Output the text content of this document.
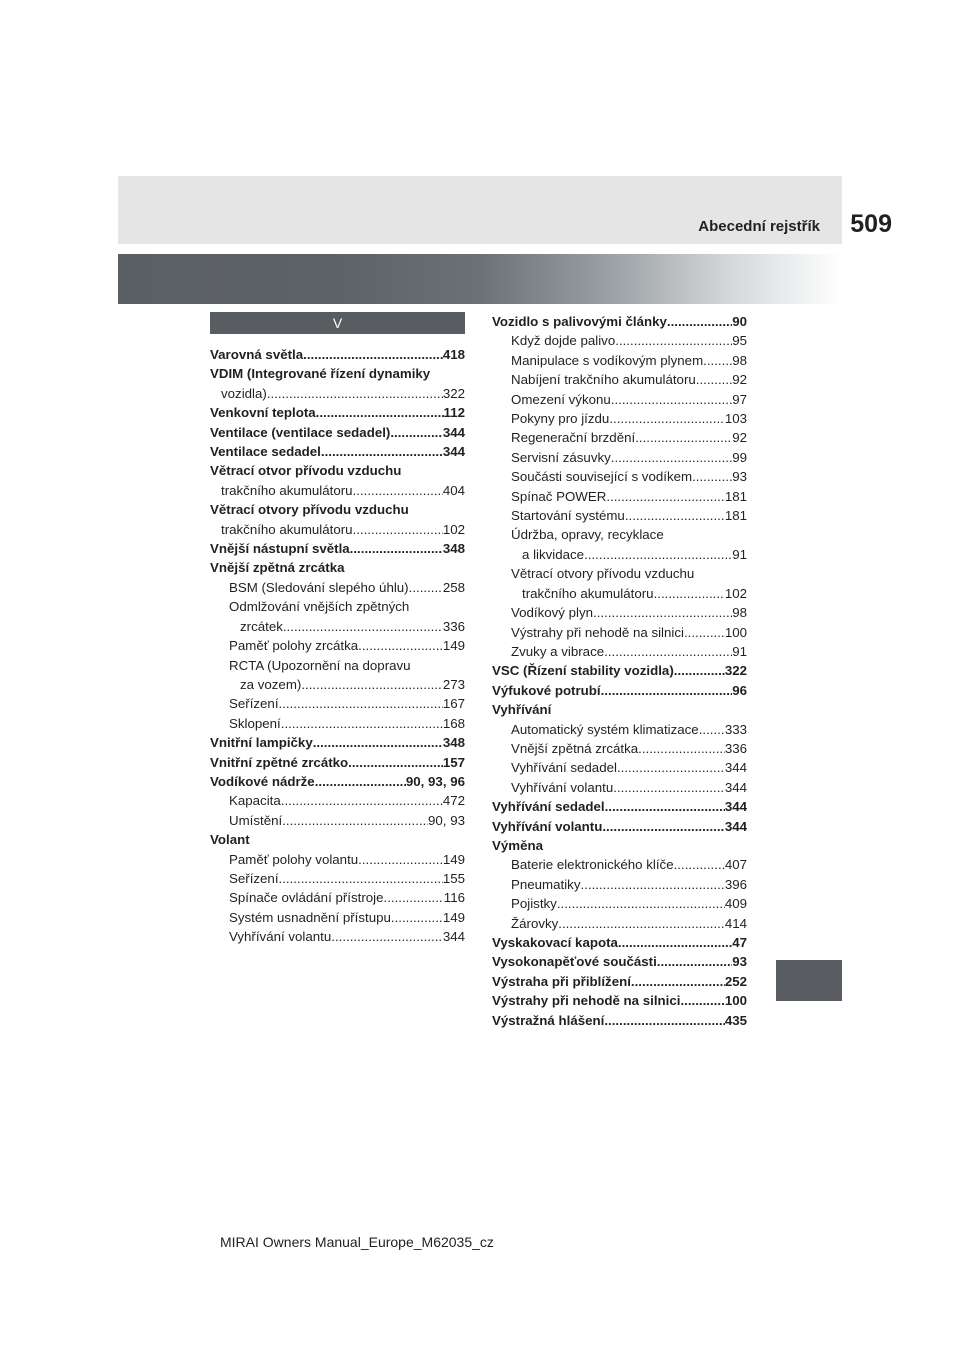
Abecední rejstřík 509
V
Varovná světla .....	418
VDIM (Integrované řízení dynamiky
vozidla) .....	322
Venkovní teplota .....	112
Ventilace (ventilace sedadel) .....	344
Ventilace sedadel .....	344
Větrací otvor přívodu vzduchu
trakčního akumulátoru .....	404
Větrací otvory přívodu vzduchu
trakčního akumulátoru .....	102
Vnější nástupní světla .....	348
Vnější zpětná zrcátka
BSM (Sledování slepého úhlu) .....	258
Odmlžování vnějších zpětných
zrcátek .....	336
Paměť polohy zrcátka .....	149
RCTA (Upozornění na dopravu
za vozem) .....	273
Seřízení .....	167
Sklopení .....	168
Vnitřní lampičky .....	348
Vnitřní zpětné zrcátko .....	157
Vodíkové nádrže .....	90, 93, 96
Kapacita .....	472
Umístění .....	90, 93
Volant
Paměť polohy volantu .....	149
Seřízení .....	155
Spínače ovládání přístroje .....	116
Systém usnadnění přístupu .....	149
Vyhřívání volantu .....	344
Vozidlo s palivovými články .....	90
Když dojde palivo .....	95
Manipulace s vodíkovým plynem ..... 98
Nabíjení trakčního akumulátoru .....	92
Omezení výkonu .....	97
Pokyny pro jízdu .....	103
Regenerační brzdění .....	92
Servisní zásuvky .....	99
Součásti související s vodíkem .....	93
Spínač POWER .....	181
Startování systému .....	181
Údržba, opravy, recyklace
a likvidace .....	91
Větrací otvory přívodu vzduchu
trakčního akumulátoru .....	102
Vodíkový plyn .....	98
Výstrahy při nehodě na silnici .....	100
Zvuky a vibrace .....	91
VSC (Řízení stability vozidla) .....	322
Výfukové potrubí .....	96
Vyhřívání
Automatický systém klimatizace ..... 333
Vnější zpětná zrcátka .....	336
Vyhřívání sedadel .....	344
Vyhřívání volantu .....	344
Vyhřívání sedadel .....	344
Vyhřívání volantu .....	344
Výměna
Baterie elektronického klíče .....	407
Pneumatiky .....	396
Pojistky .....	409
Žárovky .....	414
Vyskakovací kapota .....	47
Vysokonapěťové součásti .....	93
Výstraha při přiblížení .....	252
Výstrahy při nehodě na silnici .....	100
Výstražná hlášení .....	435
MIRAI Owners Manual_Europe_M62035_cz
